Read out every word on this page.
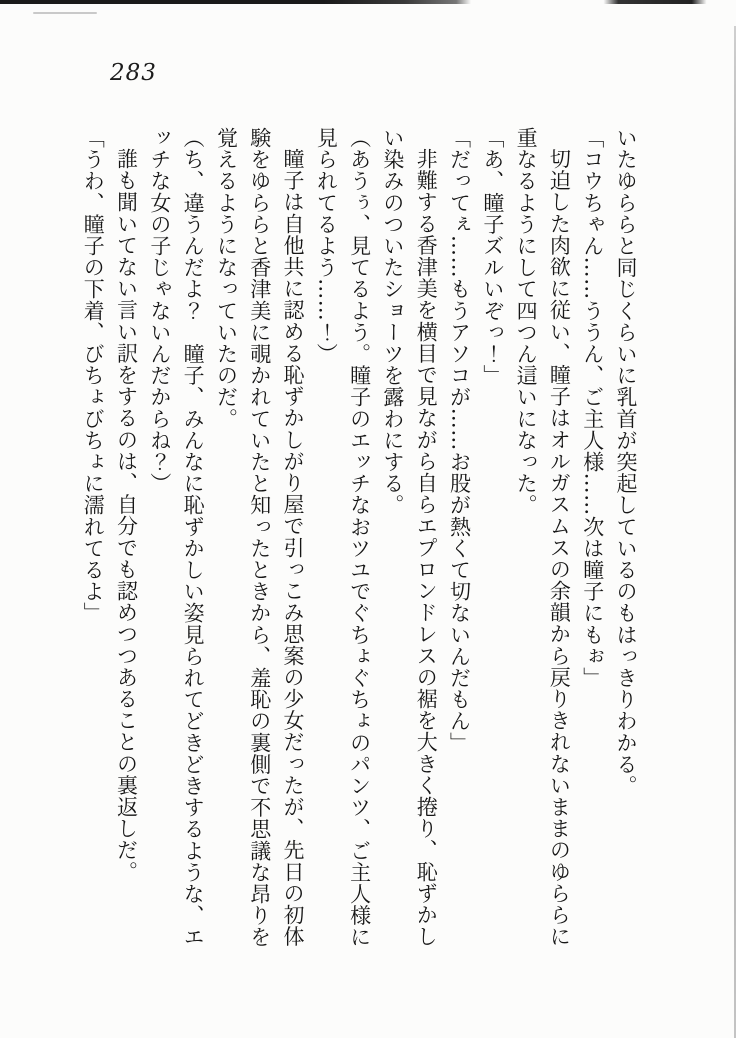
283

いたゆららと同じくらいに乳首が突起しているのもはっきりわかる。

「コウちゃん……ううん、ご主人様……次は瞳子にもぉ」

切迫した肉欲に従い、瞳子はオルガスムスの余韻から戻りきれないままのゆららに

重なるようにして四つん這いになった。

「あ、瞳子ズルいぞっ！」

「だってぇ……もうアソコが……お股が熱くて切ないんだもん」

非難する香津美を横目で見ながら自らエプロンドレスの裾を大きく捲り、恥ずかし

い染みのついたショーツを露わにする。

（あうぅ、見てるよう。瞳子のエッチなおツユでぐちょぐちょのパンツ、ご主人様に

見られてるよう……！）

瞳子は自他共に認める恥ずかしがり屋で引っこみ思案の少女だったが、先日の初体

験をゆららと香津美に覗かれていたと知ったときから、羞恥の裏側で不思議な昂りを

覚えるようになっていたのだ。

（ち、違うんだよ？　瞳子、みんなに恥ずかしい姿見られてどきどきするような、エ

ッチな女の子じゃないんだからね？）

誰も聞いてない言い訳をするのは、自分でも認めつつあることの裏返しだ。

「うわ、瞳子の下着、びちょびちょに濡れてるよ」
